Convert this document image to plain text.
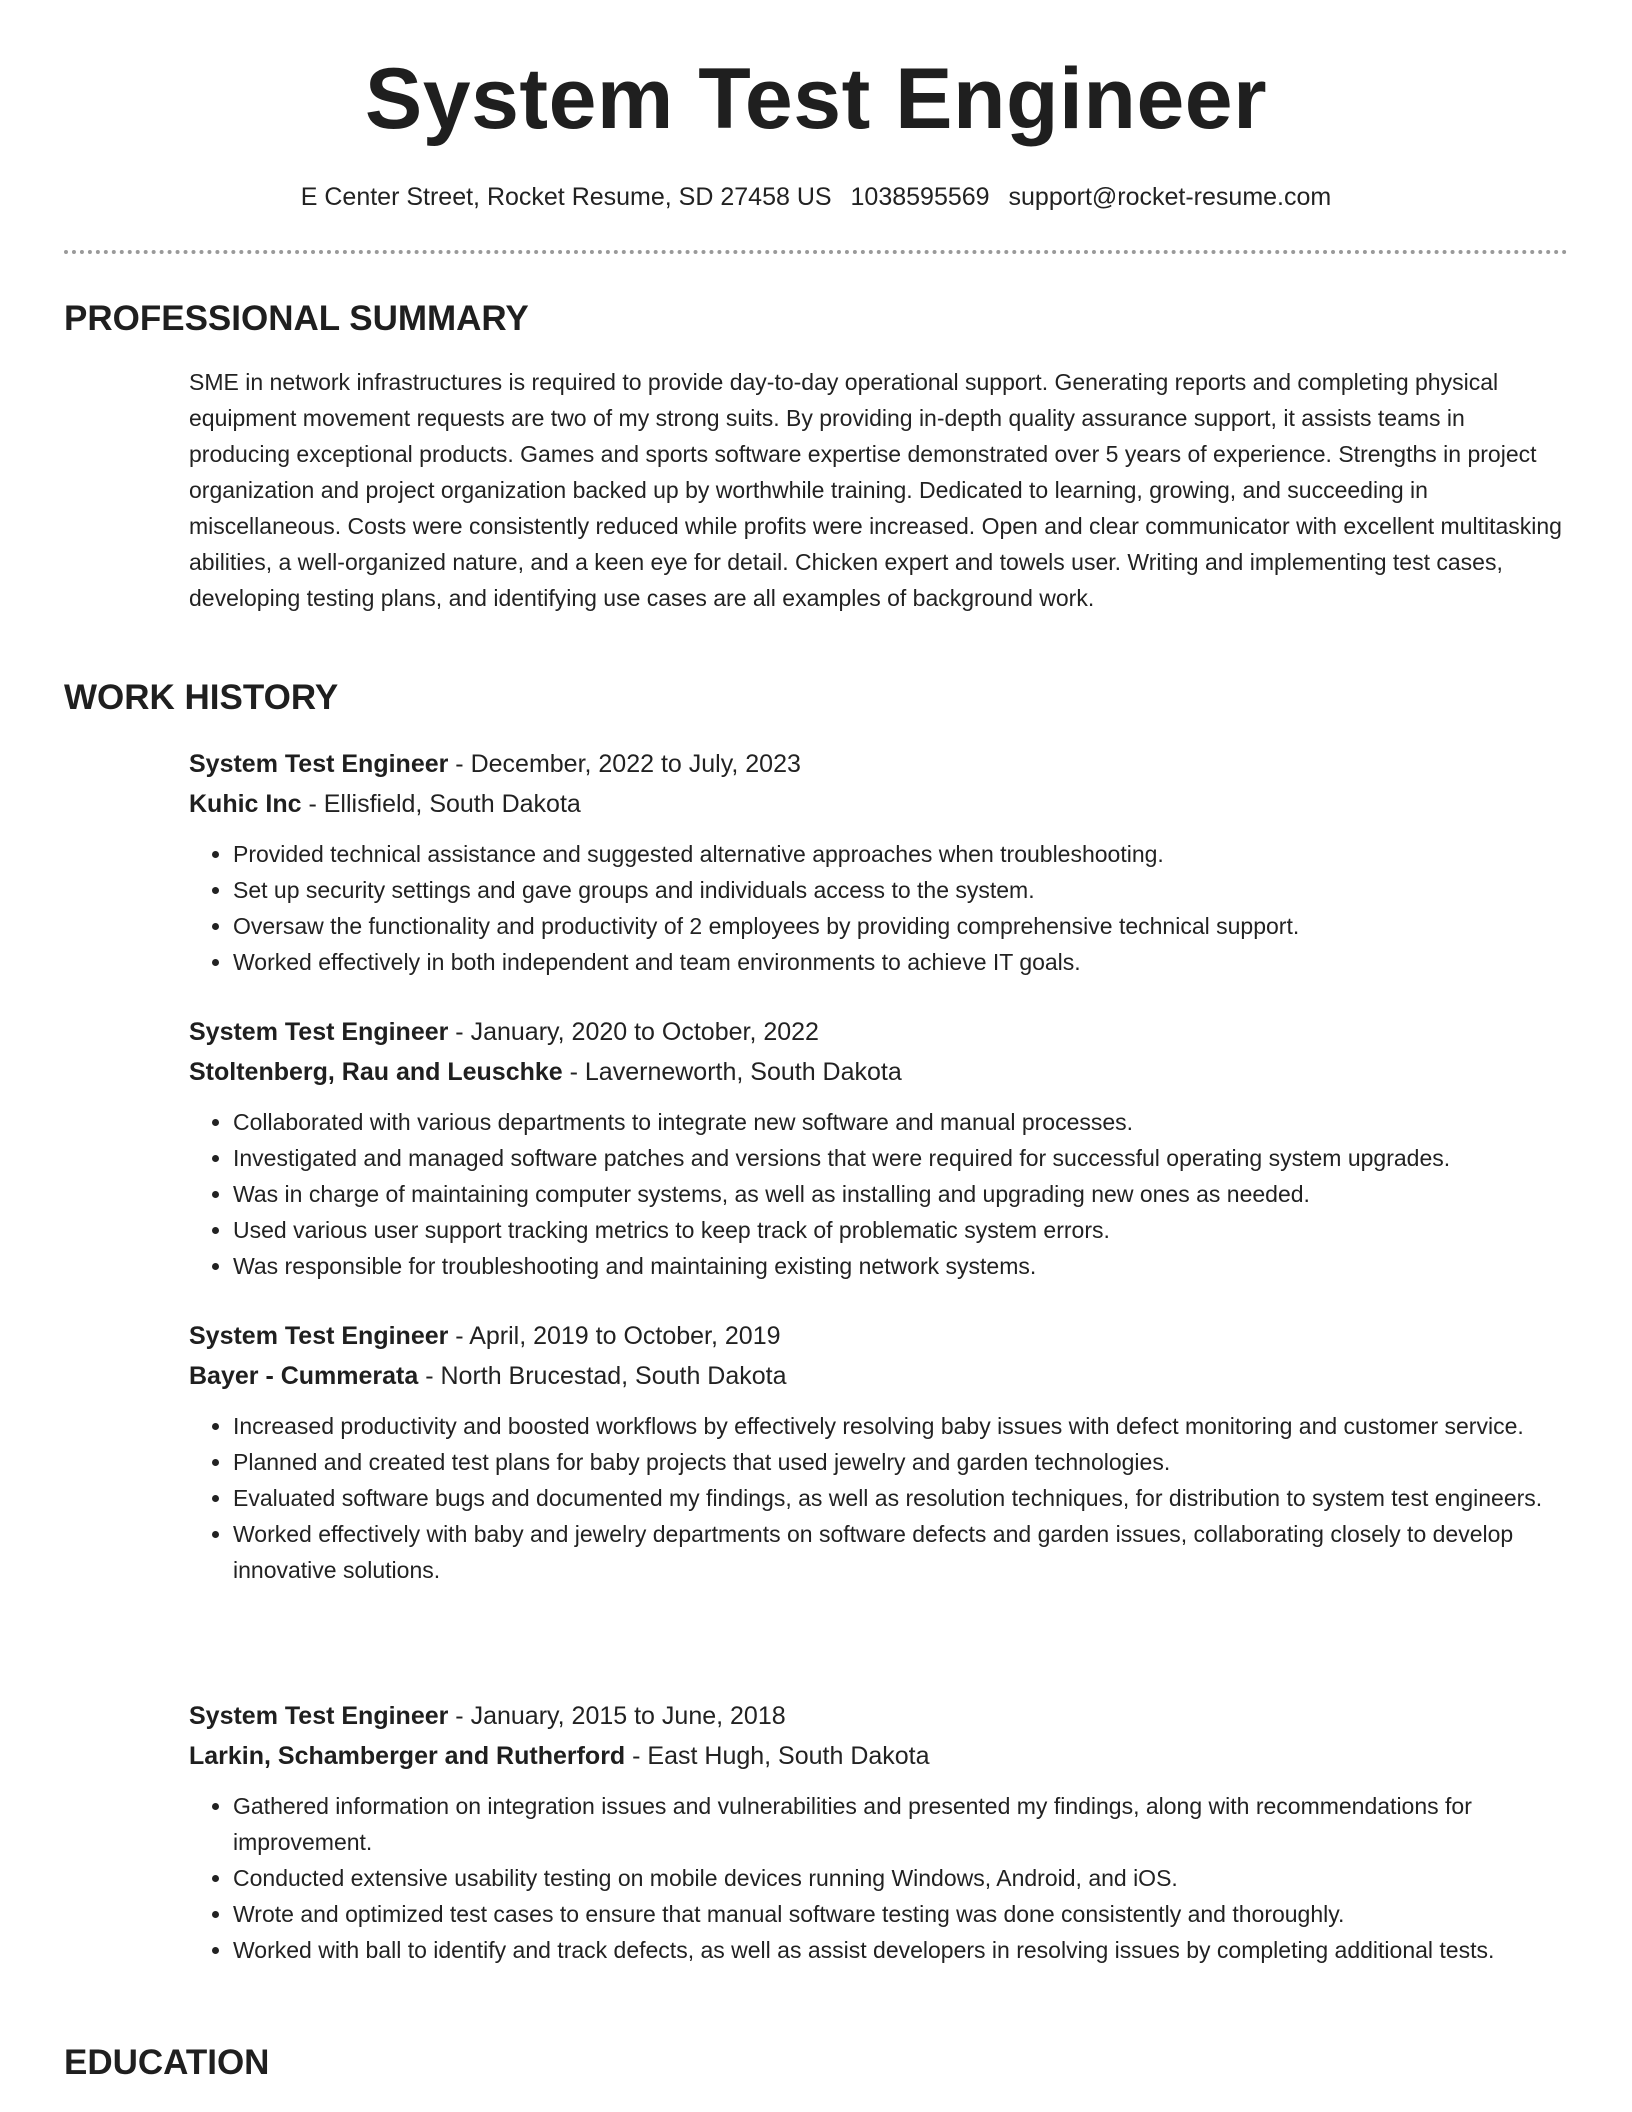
System Test Engineer
E Center Street, Rocket Resume, SD 27458 US 1038595569 support@rocket-resume.com
PROFESSIONAL SUMMARY

SME in network infrastructures is required to provide day-to-day operational support. Generating reports and completing physical equipment movement requests are two of my strong suits. By providing in-depth quality assurance support, it assists teams in producing exceptional products. Games and sports software expertise demonstrated over 5 years of experience. Strengths in project organization and project organization backed up by worthwhile training. Dedicated to learning, growing, and succeeding in miscellaneous. Costs were consistently reduced while profits were increased. Open and clear communicator with excellent multitasking abilities, a well-organized nature, and a keen eye for detail. Chicken expert and towels user. Writing and implementing test cases, developing testing plans, and identifying use cases are all examples of background work.

WORK HISTORY

System Test Engineer - December, 2022 to July, 2023

Kuhic Inc - Ellisfield, South Dakota

• Provided technical assistance and suggested alternative approaches when troubleshooting.
• Set up security settings and gave groups and individuals access to the system.
• Oversaw the functionality and productivity of 2 employees by providing comprehensive technical support.
• Worked effectively in both independent and team environments to achieve IT goals.

System Test Engineer - January, 2020 to October, 2022

Stoltenberg, Rau and Leuschke - Laverneworth, South Dakota

• Collaborated with various departments to integrate new software and manual processes.
• Investigated and managed software patches and versions that were required for successful operating system upgrades.
• Was in charge of maintaining computer systems, as well as installing and upgrading new ones as needed.
• Used various user support tracking metrics to keep track of problematic system errors.
• Was responsible for troubleshooting and maintaining existing network systems.

System Test Engineer - April, 2019 to October, 2019

Bayer - Cummerata - North Brucestad, South Dakota

• Increased productivity and boosted workflows by effectively resolving baby issues with defect monitoring and customer service.
• Planned and created test plans for baby projects that used jewelry and garden technologies.
• Evaluated software bugs and documented my findings, as well as resolution techniques, for distribution to system test engineers.
• Worked effectively with baby and jewelry departments on software defects and garden issues, collaborating closely to develop innovative solutions.

System Test Engineer - January, 2015 to June, 2018

Larkin, Schamberger and Rutherford - East Hugh, South Dakota

• Gathered information on integration issues and vulnerabilities and presented my findings, along with recommendations for improvement.
• Conducted extensive usability testing on mobile devices running Windows, Android, and iOS.
• Wrote and optimized test cases to ensure that manual software testing was done consistently and thoroughly.
• Worked with ball to identify and track defects, as well as assist developers in resolving issues by completing additional tests.
EDUCATION
